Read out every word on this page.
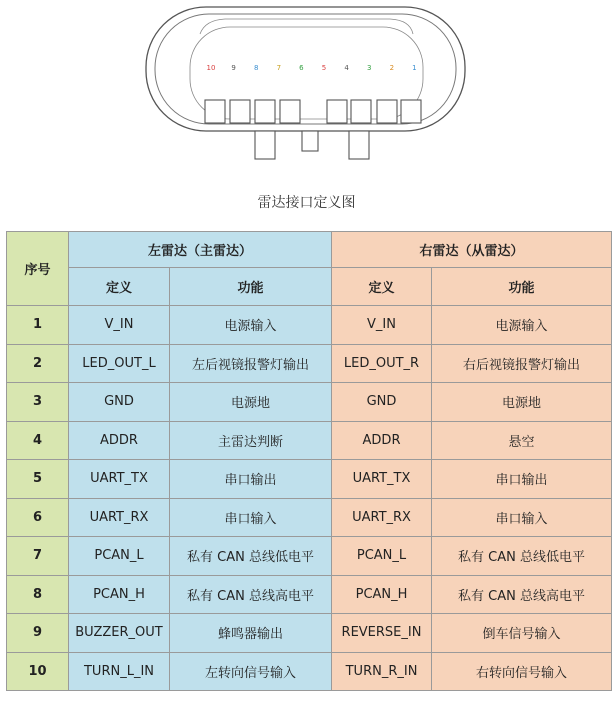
10 9	8	7	6	5	4	3	2	1
雷达接口定义图
序号	左雷达（主雷达）		右雷达（从雷达）	
	定义	功能	定义	功能
1	V_IN	电源输入	V_IN	电源输入
2	LED_OUT_L	左后视镜报警灯输出	LED_OUT_R	右后视镜报警灯输出
3	GND	电源地	GND	电源地
4	ADDR	主雷达判断	ADDR	悬空
5	UART_TX	串口输出	UART_TX	串口输出
6	UART_RX	串口输入	UART_RX	串口输入
7	PCAN_L	私有 CAN 总线低电平	PCAN_L	私有 CAN 总线低电平
8	PCAN_H	私有 CAN 总线高电平	PCAN_H	私有 CAN 总线高电平
9	BUZZER_OUT	蜂鸣器输出	REVERSE_IN	倒车信号输入
10	TURN_L_IN	左转向信号输入	TURN_R_IN	右转向信号输入
